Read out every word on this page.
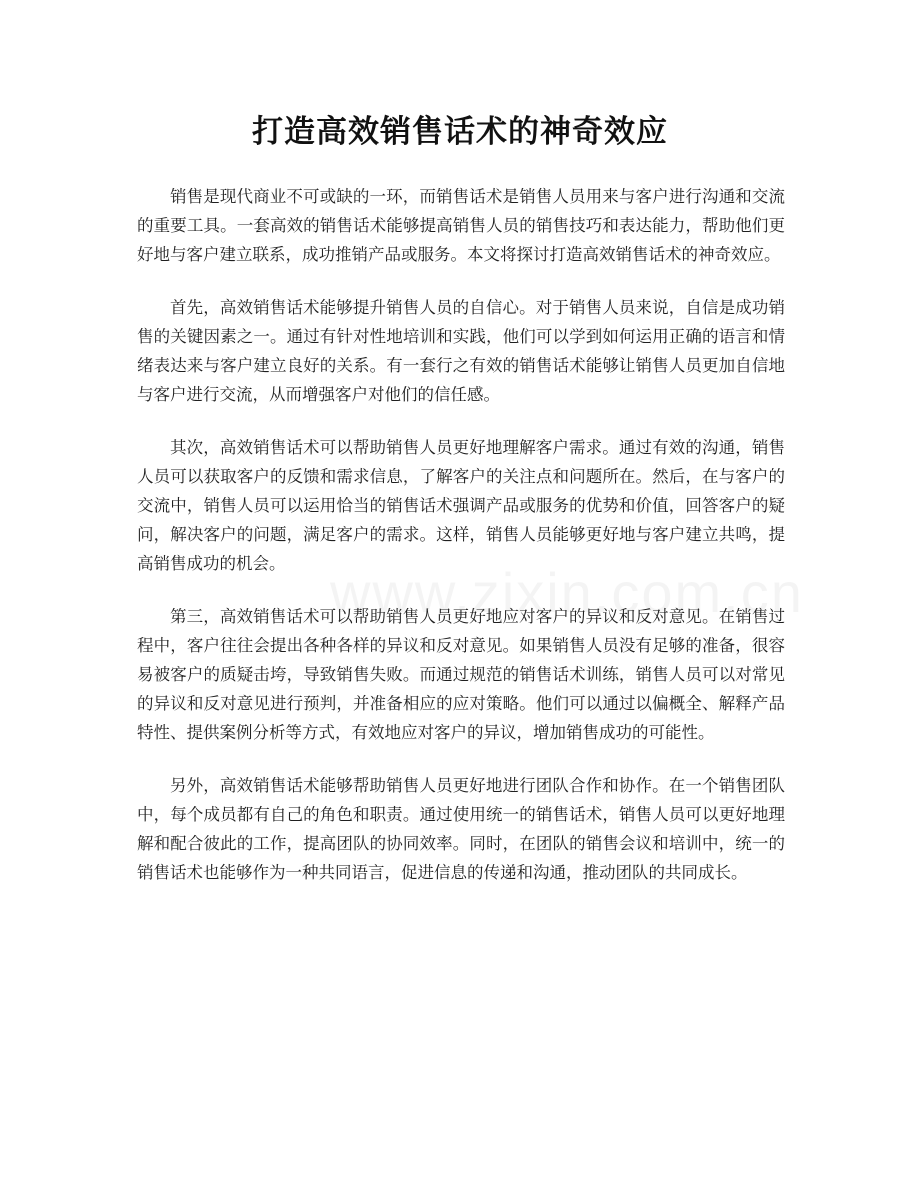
打造高效销售话术的神奇效应

销售是现代商业不可或缺的一环，而销售话术是销售人员用来与客户进行沟通和交流的重要工具。一套高效的销售话术能够提高销售人员的销售技巧和表达能力，帮助他们更好地与客户建立联系，成功推销产品或服务。本文将探讨打造高效销售话术的神奇效应。

首先，高效销售话术能够提升销售人员的自信心。对于销售人员来说，自信是成功销售的关键因素之一。通过有针对性地培训和实践，他们可以学到如何运用正确的语言和情绪表达来与客户建立良好的关系。有一套行之有效的销售话术能够让销售人员更加自信地与客户进行交流，从而增强客户对他们的信任感。

其次，高效销售话术可以帮助销售人员更好地理解客户需求。通过有效的沟通，销售人员可以获取客户的反馈和需求信息，了解客户的关注点和问题所在。然后，在与客户的交流中，销售人员可以运用恰当的销售话术强调产品或服务的优势和价值，回答客户的疑问，解决客户的问题，满足客户的需求。这样，销售人员能够更好地与客户建立共鸣，提高销售成功的机会。

第三，高效销售话术可以帮助销售人员更好地应对客户的异议和反对意见。在销售过程中，客户往往会提出各种各样的异议和反对意见。如果销售人员没有足够的准备，很容易被客户的质疑击垮，导致销售失败。而通过规范的销售话术训练，销售人员可以对常见的异议和反对意见进行预判，并准备相应的应对策略。他们可以通过以偏概全、解释产品特性、提供案例分析等方式，有效地应对客户的异议，增加销售成功的可能性。

另外，高效销售话术能够帮助销售人员更好地进行团队合作和协作。在一个销售团队中，每个成员都有自己的角色和职责。通过使用统一的销售话术，销售人员可以更好地理解和配合彼此的工作，提高团队的协同效率。同时，在团队的销售会议和培训中，统一的销售话术也能够作为一种共同语言，促进信息的传递和沟通，推动团队的共同成长。
